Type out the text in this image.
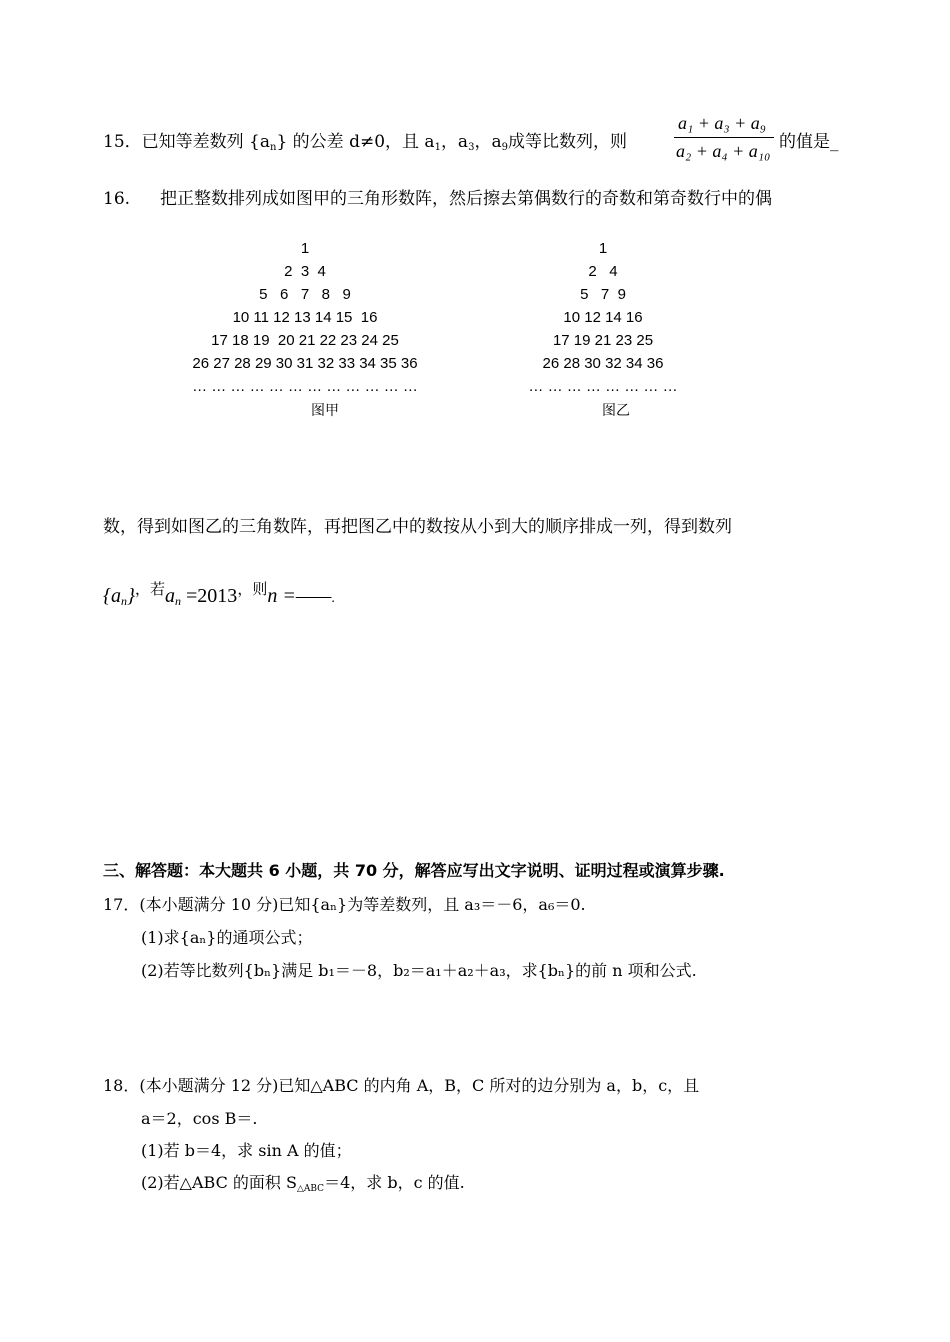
15．已知等差数列 $\{a_n\}$ 的公差 d≠0，且 $a_1$，$a_3$，$a_9$成等比数列，则
a₁ + a₃ + a₉
a₂ + a₄ + a₁₀ 的值是_
16. 把正整数排列成如图甲的三角形数阵，然后擦去第偶数行的奇数和第奇数行中的偶
1
2  3  4
5   6   7   8   9
10 11 12 13 14 15  16
17 18 19  20 21 22 23 24 25
26 27 28 29 30 31 32 33 34 35 36
… … … … … … … … … … … …
图甲
1
2   4
5   7  9
10 12 14 16
17 19 21 23 25
26 28 30 32 34 36
… … … … … … … …
图乙
数，得到如图乙的三角数阵，再把图乙中的数按从小到大的顺序排成一列，得到数列
$\{a_n\}^{,若}a_n =2013^{,则}n$ =——.
三、解答题：本大题共 6 小题，共 70 分，解答应写出文字说明、证明过程或演算步骤.
17．(本小题满分 10 分)已知{aₙ}为等差数列，且 a₃＝－6，a₆＝0.
(1)求{aₙ}的通项公式；
(2)若等比数列{bₙ}满足 b₁＝－8，b₂＝a₁＋a₂＋a₃，求{bₙ}的前 n 项和公式.
18．(本小题满分 12 分)已知△ABC 的内角 A，B，C 所对的边分别为 a，b，c，且
a＝2，cos B＝.
(1)若 b＝4，求 sin A 的值；
(2)若△ABC 的面积 $S_{\triangle ABC}=4$，求 b，c 的值.
